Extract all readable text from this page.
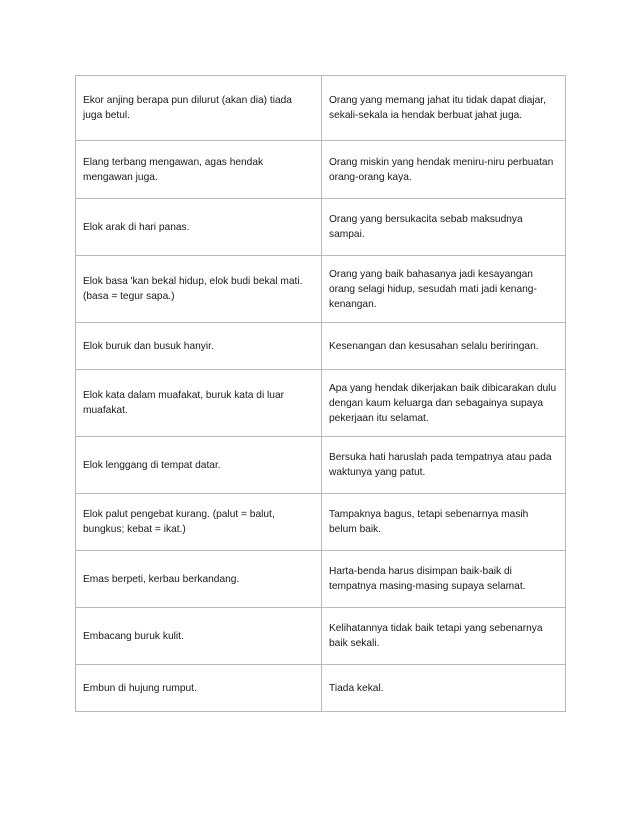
Ekor anjing berapa pun dilurut (akan dia) tiada juga betul.	Orang yang memang jahat itu tidak dapat diajar, sekali-sekala ia hendak berbuat jahat juga.
Elang terbang mengawan, agas hendak mengawan juga.	Orang miskin yang hendak meniru-niru perbuatan orang-orang kaya.
Elok arak di hari panas.	Orang yang bersukacita sebab maksudnya sampai.
Elok basa 'kan bekal hidup, elok budi bekal mati. (basa = tegur sapa.)	Orang yang baik bahasanya jadi kesayangan orang selagi hidup, sesudah mati jadi kenang-kenangan.
Elok buruk dan busuk hanyir.	Kesenangan dan kesusahan selalu beriringan.
Elok kata dalam muafakat, buruk kata di luar muafakat.	Apa yang hendak dikerjakan baik dibicarakan dulu dengan kaum keluarga dan sebagainya supaya pekerjaan itu selamat.
Elok lenggang di tempat datar.	Bersuka hati haruslah pada tempatnya atau pada waktunya yang patut.
Elok palut pengebat kurang. (palut = balut, bungkus; kebat = ikat.)	Tampaknya bagus, tetapi sebenarnya masih belum baik.
Emas berpeti, kerbau berkandang.	Harta-benda harus disimpan baik-baik di tempatnya masing-masing supaya selamat.
Embacang buruk kulit.	Kelihatannya tidak baik tetapi yang sebenarnya baik sekali.
Embun di hujung rumput.	Tiada kekal.
